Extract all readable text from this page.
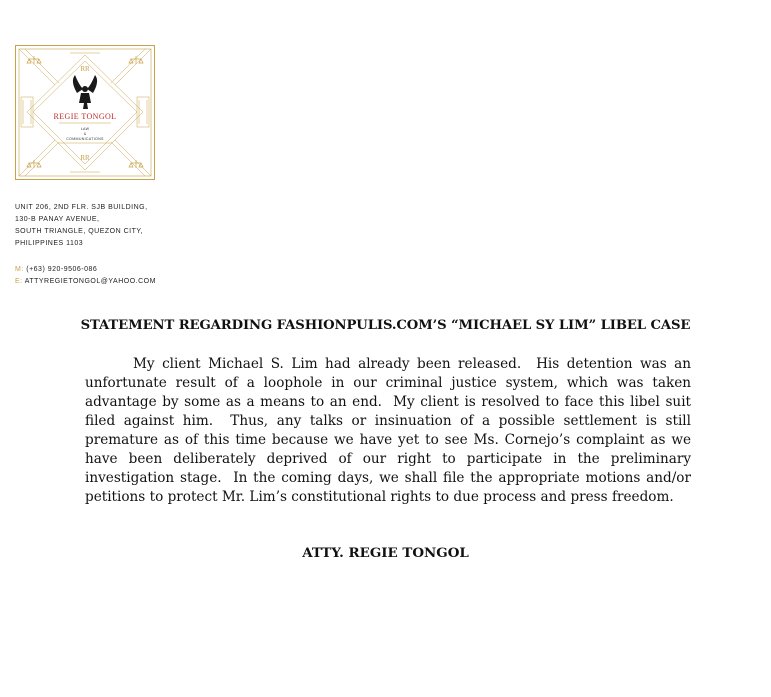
RR
RR
REGIE TONGOL
LAW
&
COMMUNICATIONS
UNIT 206, 2ND FLR. SJB BUILDING,
130-B PANAY AVENUE,
SOUTH TRIANGLE, QUEZON CITY,
PHILIPPINES 1103
M: (+63) 920-9506-086
E: ATTYREGIETONGOL@YAHOO.COM
STATEMENT REGARDING FASHIONPULIS.COM’S “MICHAEL SY LIM” LIBEL CASE

My client Michael S. Lim had already been released.  His detention was an unfortunate result of a loophole in our criminal justice system, which was taken advantage by some as a means to an end.  My client is resolved to face this libel suit filed against him.  Thus, any talks or insinuation of a possible settlement is still premature as of this time because we have yet to see Ms. Cornejo’s complaint as we have been deliberately deprived of our right to participate in the preliminary investigation stage.  In the coming days, we shall file the appropriate motions and/or petitions to protect Mr. Lim’s constitutional rights to due process and press freedom.

ATTY. REGIE TONGOL
